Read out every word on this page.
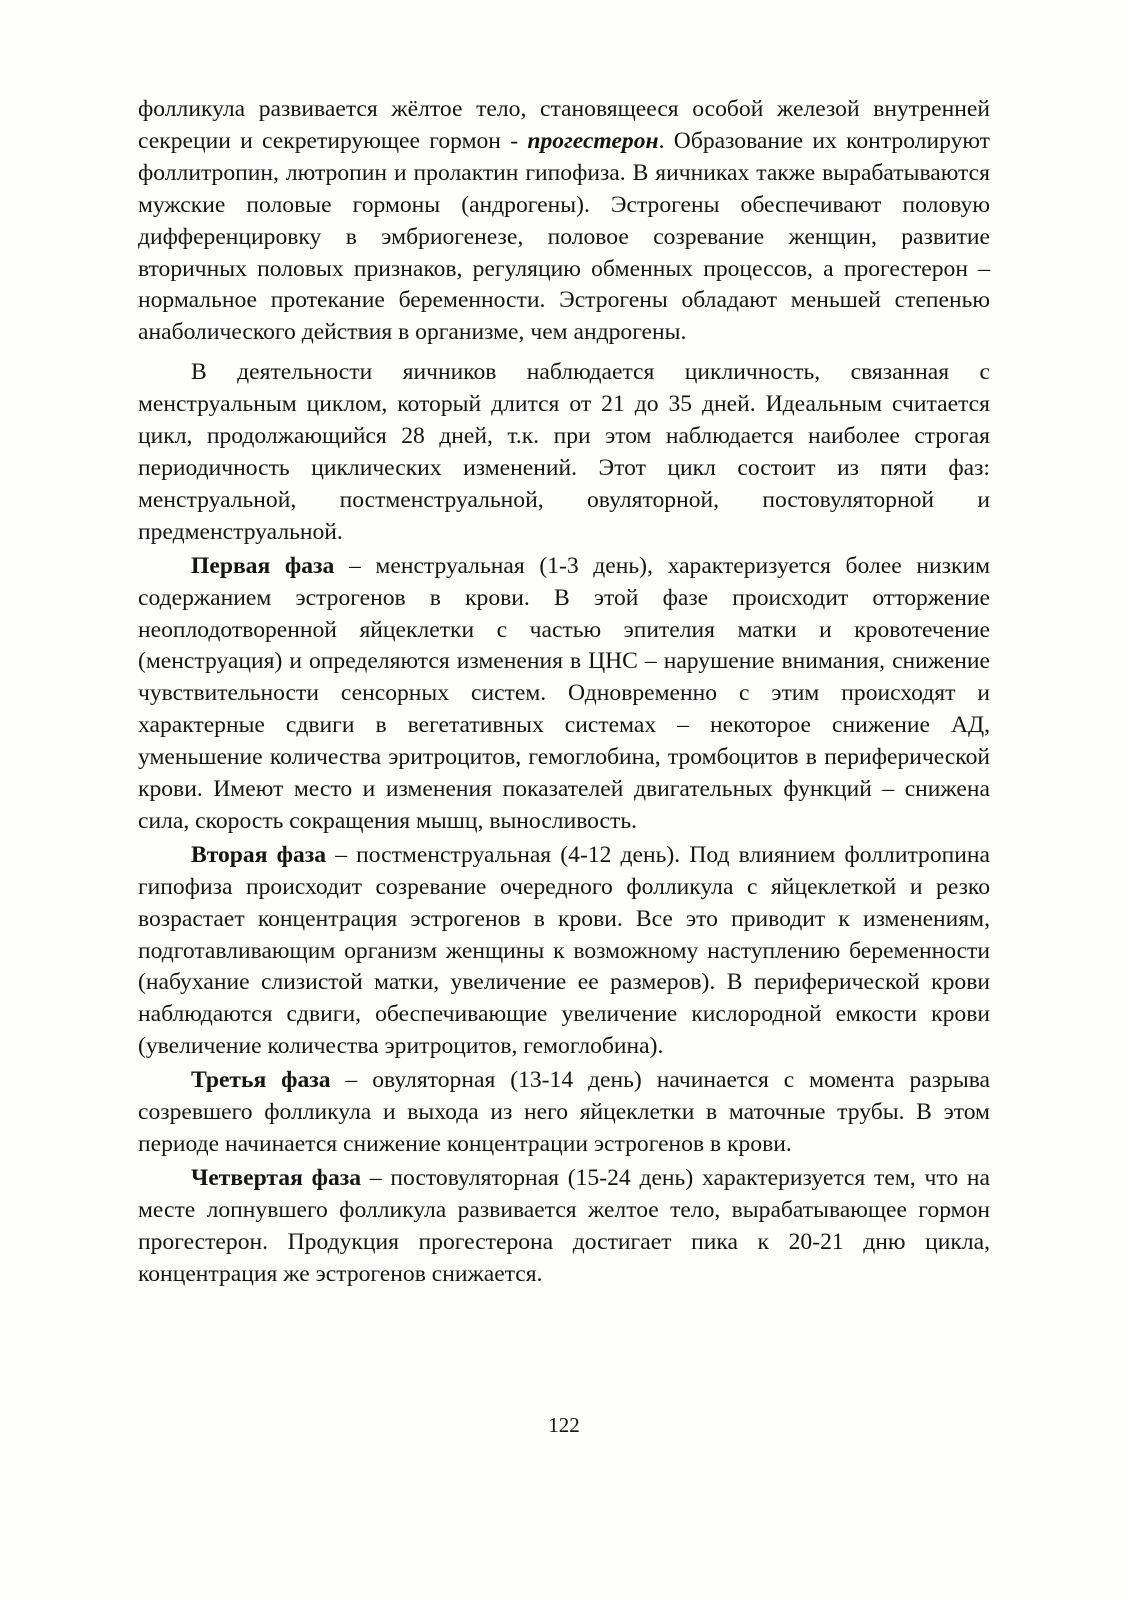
фолликула развивается жёлтое тело, становящееся особой железой внутренней секреции и секретирующее гормон - прогестерон. Образование их контролируют фоллитропин, лютропин и пролактин гипофиза. В яичниках также вырабатываются мужские половые гормоны (андрогены). Эстрогены обеспечивают половую дифференцировку в эмбриогенезе, половое созревание женщин, развитие вторичных половых признаков, регуляцию обменных процессов, а прогестерон – нормальное протекание беременности. Эстрогены обладают меньшей степенью анаболического действия в организме, чем андрогены.

В деятельности яичников наблюдается цикличность, связанная с менструальным циклом, который длится от 21 до 35 дней. Идеальным считается цикл, продолжающийся 28 дней, т.к. при этом наблюдается наиболее строгая периодичность циклических изменений. Этот цикл состоит из пяти фаз: менструальной, постменструальной, овуляторной, постовуляторной и предменструальной.

Первая фаза – менструальная (1-3 день), характеризуется более низким содержанием эстрогенов в крови. В этой фазе происходит отторжение неоплодотворенной яйцеклетки с частью эпителия матки и кровотечение (менструация) и определяются изменения в ЦНС – нарушение внимания, снижение чувствительности сенсорных систем. Одновременно с этим происходят и характерные сдвиги в вегетативных системах – некоторое снижение АД, уменьшение количества эритроцитов, гемоглобина, тромбоцитов в периферической крови. Имеют место и изменения показателей двигательных функций – снижена сила, скорость сокращения мышц, выносливость.

Вторая фаза – постменструальная (4-12 день). Под влиянием фоллитропина гипофиза происходит созревание очередного фолликула с яйцеклеткой и резко возрастает концентрация эстрогенов в крови. Все это приводит к изменениям, подготавливающим организм женщины к возможному наступлению беременности (набухание слизистой матки, увеличение ее размеров). В периферической крови наблюдаются сдвиги, обеспечивающие увеличение кислородной емкости крови (увеличение количества эритроцитов, гемоглобина).

Третья фаза – овуляторная (13-14 день) начинается с момента разрыва созревшего фолликула и выхода из него яйцеклетки в маточные трубы. В этом периоде начинается снижение концентрации эстрогенов в крови.

Четвертая фаза – постовуляторная (15-24 день) характеризуется тем, что на месте лопнувшего фолликула развивается желтое тело, вырабатывающее гормон прогестерон. Продукция прогестерона достигает пика к 20-21 дню цикла, концентрация же эстрогенов снижается.

122
